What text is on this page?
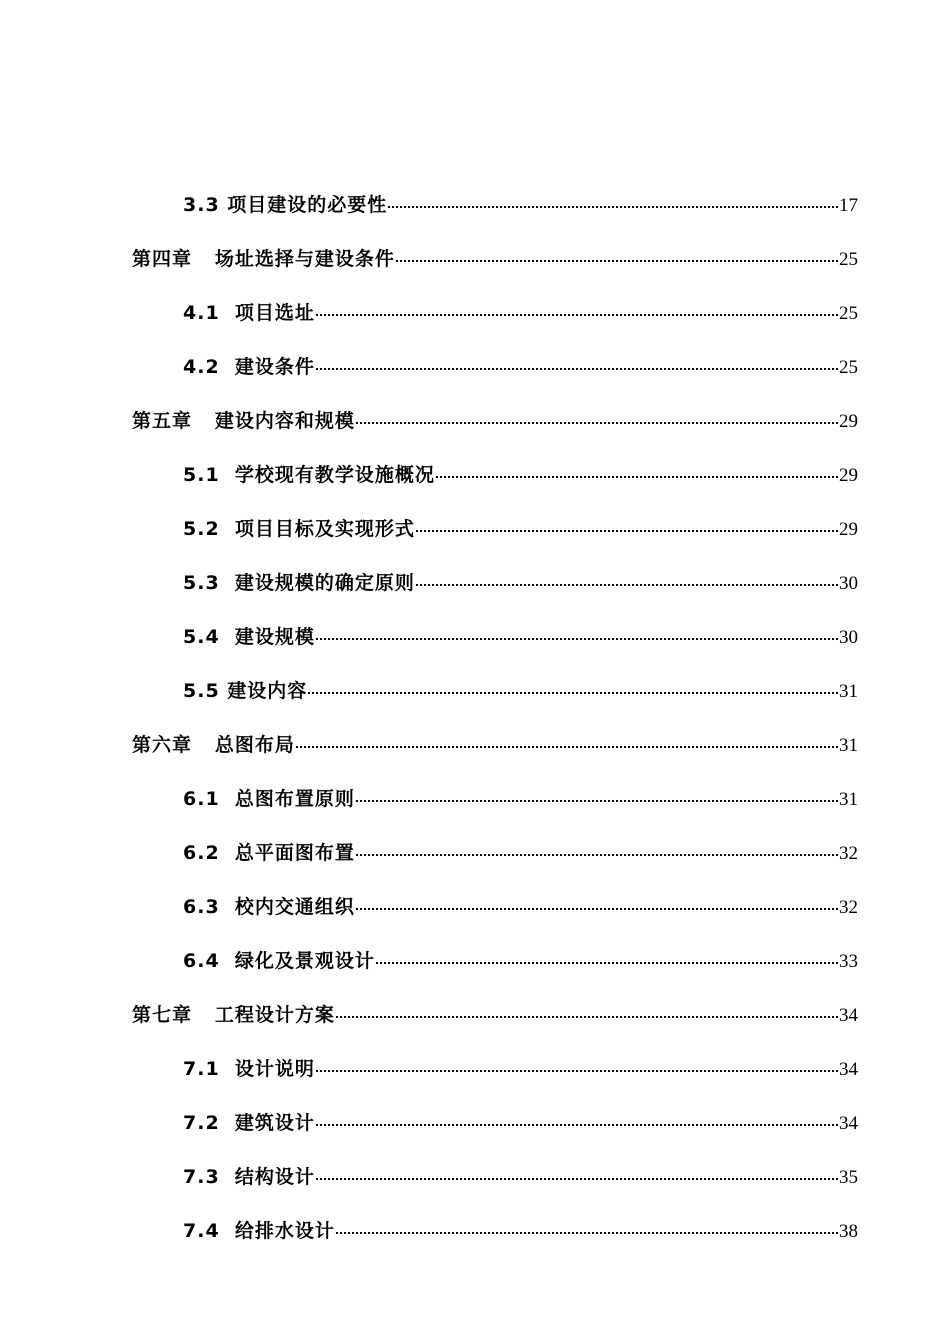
3.3 项目建设的必要性	17
第四章   场址选择与建设条件	25
4.1  项目选址	25
4.2  建设条件	25
第五章   建设内容和规模	29
5.1  学校现有教学设施概况	29
5.2  项目目标及实现形式	29
5.3  建设规模的确定原则	30
5.4  建设规模	30
5.5 建设内容	31
第六章   总图布局	31
6.1  总图布置原则	31
6.2  总平面图布置	32
6.3  校内交通组织	32
6.4  绿化及景观设计	33
第七章   工程设计方案	34
7.1  设计说明	34
7.2  建筑设计	34
7.3  结构设计	35
7.4  给排水设计	38
